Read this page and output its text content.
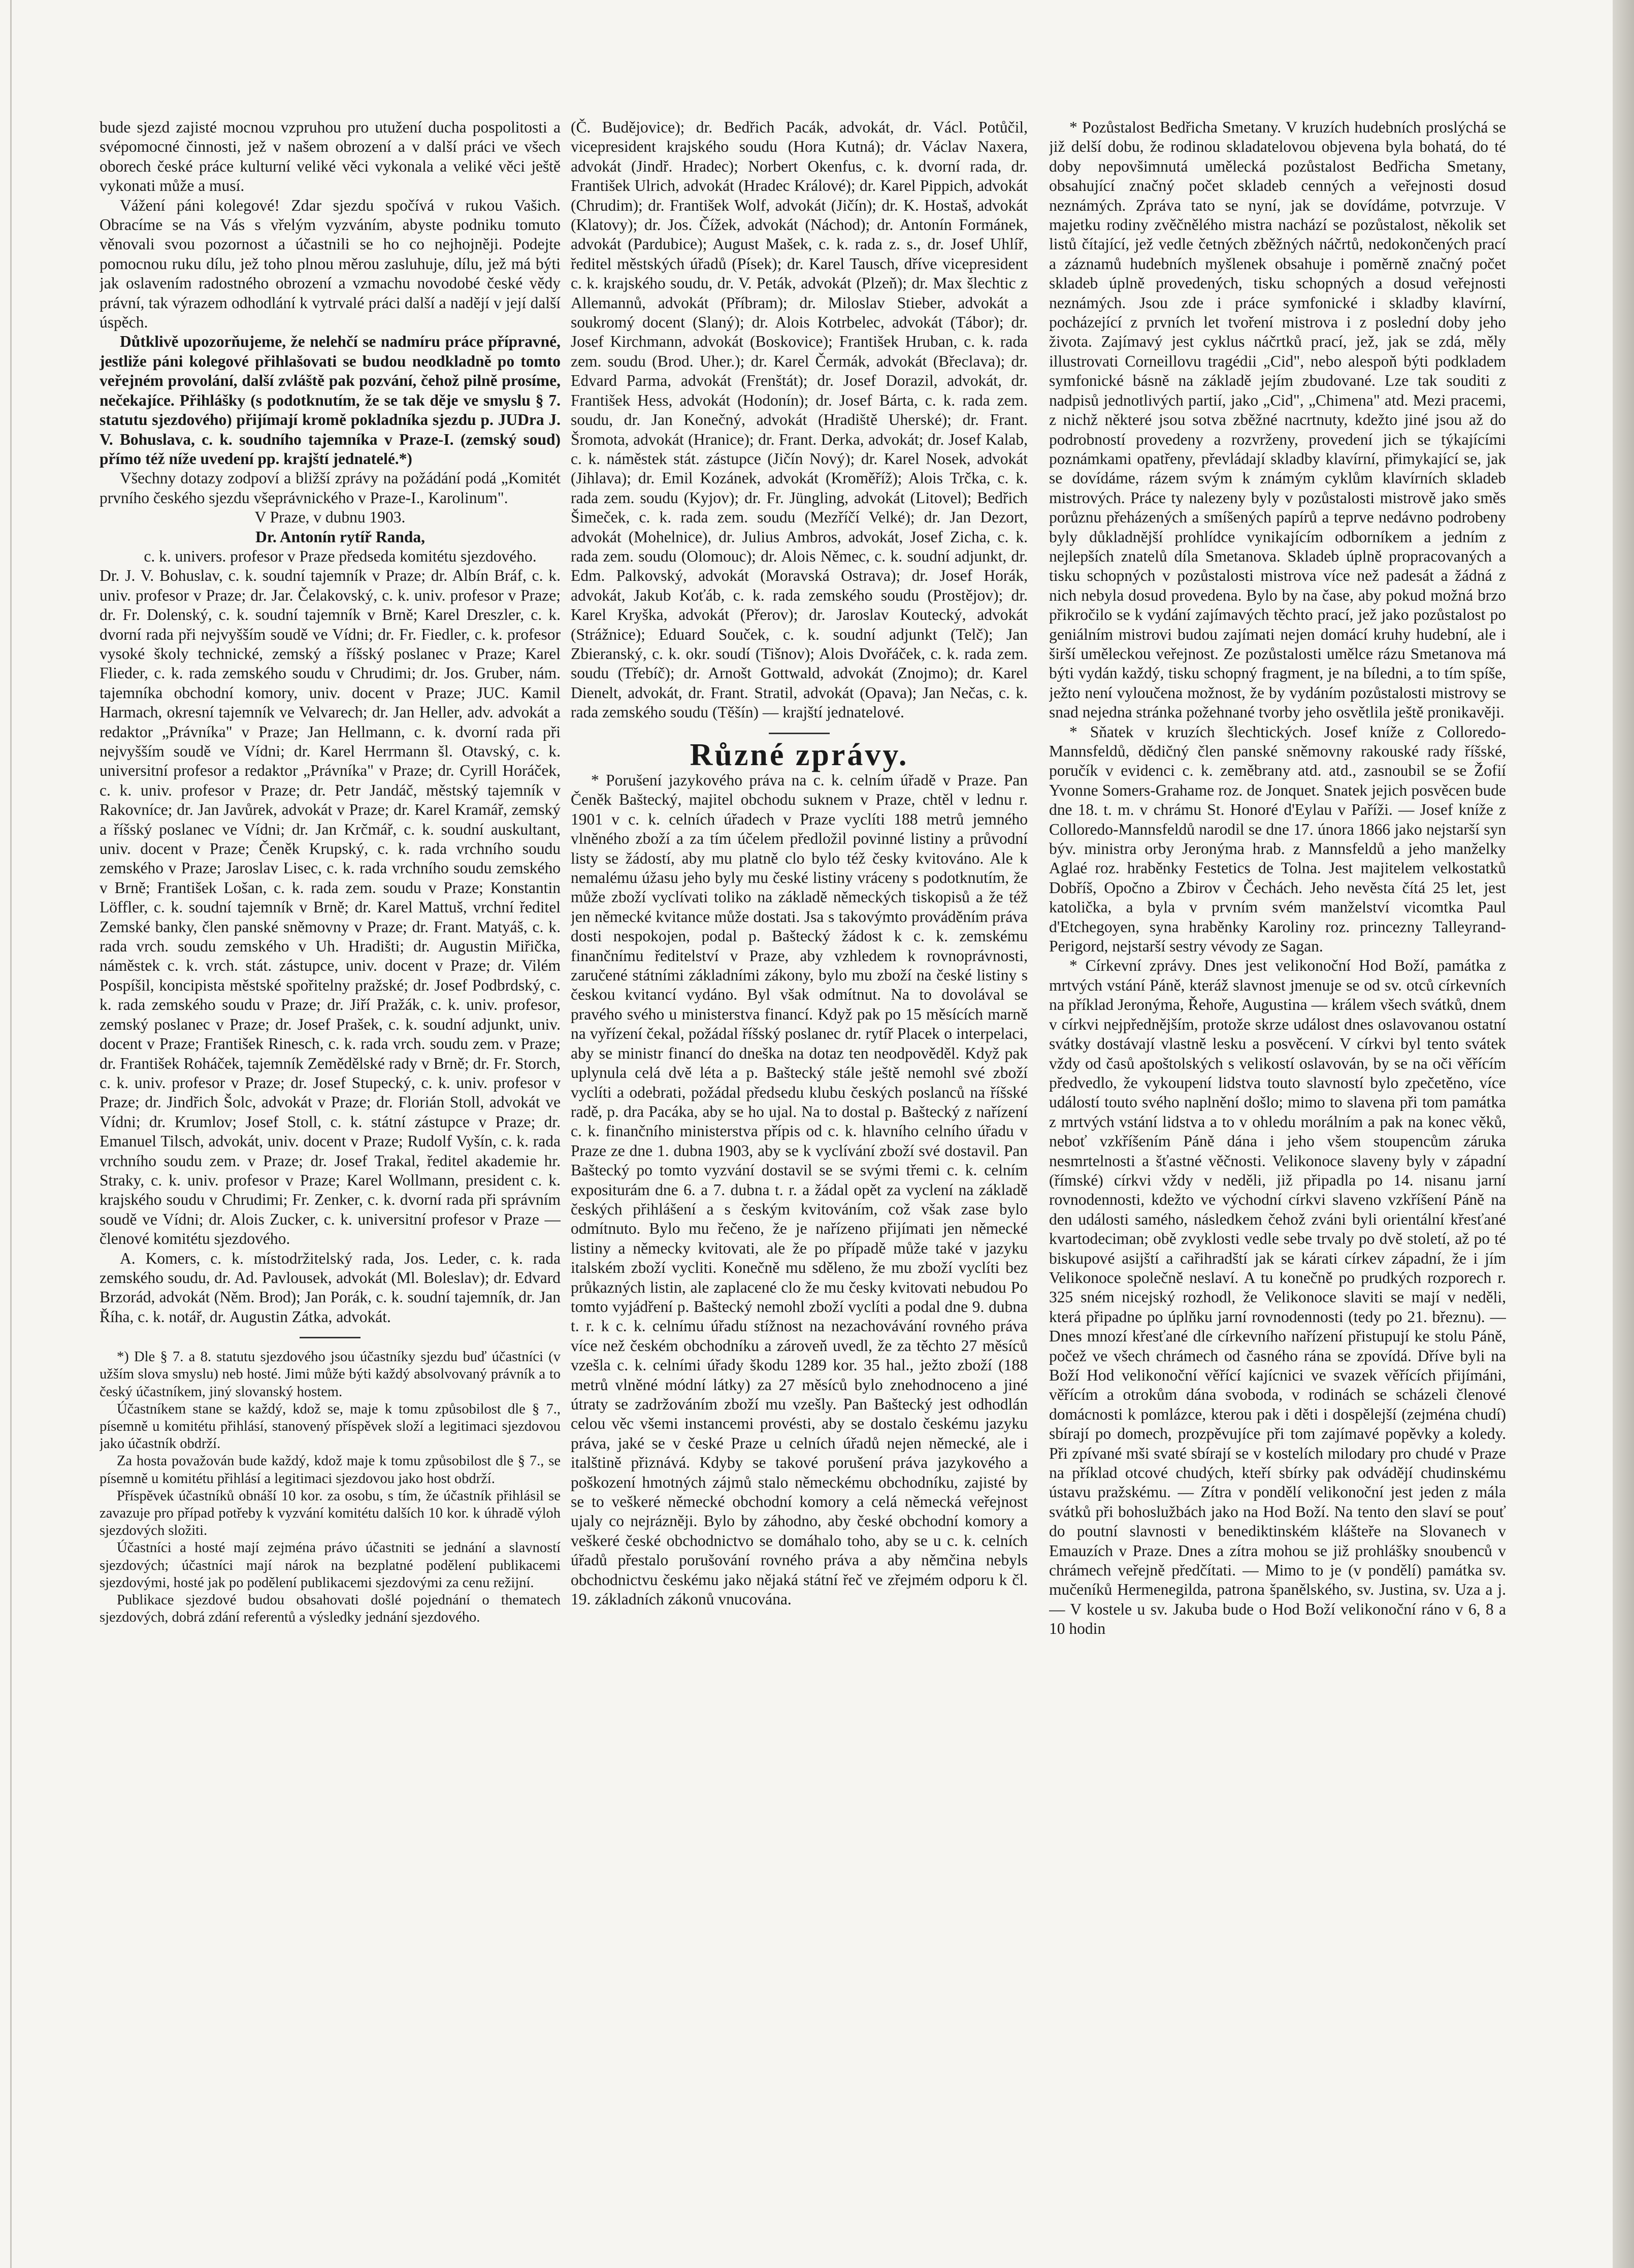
bude sjezd zajisté mocnou vzpruhou pro utužení ducha pospolitosti a svépomocné činnosti, jež v našem obrození a v další práci ve všech oborech české práce kulturní veliké věci vykonala a veliké věci ještě vykonati může a musí.

Vážení páni kolegové! Zdar sjezdu spočívá v rukou Vašich. Obracíme se na Vás s vřelým vyzváním, abyste podniku tomuto věnovali svou pozornost a účastnili se ho co nejhojněji. Podejte pomocnou ruku dílu, jež toho plnou měrou zasluhuje, dílu, jež má býti jak oslavením radostného obrození a vzmachu novodobé české vědy právní, tak výrazem odhodlání k vytrvalé práci další a nadějí v její další úspěch.

Důtklivě upozorňujeme, že nelehčí se nadmíru práce přípravné, jestliže páni kolegové přihlašovati se budou neodkladně po tomto veřejném provolání, další zvláště pak pozvání, čehož pilně prosíme, nečekajíce. Přihlášky (s podotknutím, že se tak děje ve smyslu § 7. statutu sjezdového) přijímají kromě pokladníka sjezdu p. JUDra J. V. Bohuslava, c. k. soudního tajemníka v Praze-I. (zemský soud) přímo též níže uvedení pp. krajští jednatelé.*)

Všechny dotazy zodpoví a bližší zprávy na požádání podá „Komitét prvního českého sjezdu všeprávnického v Praze-I., Karolinum".

V Praze, v dubnu 1903.

Dr. Antonín rytíř Randa,

c. k. univers. profesor v Praze předseda komitétu sjezdového.

Dr. J. V. Bohuslav, c. k. soudní tajemník v Praze; dr. Albín Bráf, c. k. univ. profesor v Praze; dr. Jar. Čelakovský, c. k. univ. profesor v Praze; dr. Fr. Dolenský, c. k. soudní tajemník v Brně; Karel Dreszler, c. k. dvorní rada při nejvyšším soudě ve Vídni; dr. Fr. Fiedler, c. k. profesor vysoké školy technické, zemský a říšský poslanec v Praze; Karel Flieder, c. k. rada zemského soudu v Chrudimi; dr. Jos. Gruber, nám. tajemníka obchodní komory, univ. docent v Praze; JUC. Kamil Harmach, okresní tajemník ve Velvarech; dr. Jan Heller, adv. advokát a redaktor „Právníka" v Praze; Jan Hellmann, c. k. dvorní rada při nejvyšším soudě ve Vídni; dr. Karel Herrmann šl. Otavský, c. k. universitní profesor a redaktor „Právníka" v Praze; dr. Cyrill Horáček, c. k. univ. profesor v Praze; dr. Petr Jandáč, městský tajemník v Rakovníce; dr. Jan Javůrek, advokát v Praze; dr. Karel Kramář, zemský a říšský poslanec ve Vídni; dr. Jan Krčmář, c. k. soudní auskultant, univ. docent v Praze; Čeněk Krupský, c. k. rada vrchního soudu zemského v Praze; Jaroslav Lisec, c. k. rada vrchního soudu zemského v Brně; František Lošan, c. k. rada zem. soudu v Praze; Konstantin Löffler, c. k. soudní tajemník v Brně; dr. Karel Mattuš, vrchní ředitel Zemské banky, člen panské sněmovny v Praze; dr. Frant. Matyáš, c. k. rada vrch. soudu zemského v Uh. Hradišti; dr. Augustin Miřička, náměstek c. k. vrch. stát. zástupce, univ. docent v Praze; dr. Vilém Pospíšil, koncipista městské spořitelny pražské; dr. Josef Podbrdský, c. k. rada zemského soudu v Praze; dr. Jiří Pražák, c. k. univ. profesor, zemský poslanec v Praze; dr. Josef Prašek, c. k. soudní adjunkt, univ. docent v Praze; František Rinesch, c. k. rada vrch. soudu zem. v Praze; dr. František Roháček, tajemník Zemědělské rady v Brně; dr. Fr. Storch, c. k. univ. profesor v Praze; dr. Josef Stupecký, c. k. univ. profesor v Praze; dr. Jindřich Šolc, advokát v Praze; dr. Florián Stoll, advokát ve Vídni; dr. Krumlov; Josef Stoll, c. k. státní zástupce v Praze; dr. Emanuel Tilsch, advokát, univ. docent v Praze; Rudolf Vyšín, c. k. rada vrchního soudu zem. v Praze; dr. Josef Trakal, ředitel akademie hr. Straky, c. k. univ. profesor v Praze; Karel Wollmann, president c. k. krajského soudu v Chrudimi; Fr. Zenker, c. k. dvorní rada při správním soudě ve Vídni; dr. Alois Zucker, c. k. universitní profesor v Praze — členové komitétu sjezdového.

A. Komers, c. k. místodržitelský rada, Jos. Leder, c. k. rada zemského soudu, dr. Ad. Pavlousek, advokát (Ml. Boleslav); dr. Edvard Brzorád, advokát (Něm. Brod); Jan Porák, c. k. soudní tajemník, dr. Jan Říha, c. k. notář, dr. Augustin Zátka, advokát.

*) Dle § 7. a 8. statutu sjezdového jsou účastníky sjezdu buď účastníci (v užším slova smyslu) neb hosté. Jimi může býti každý absolvovaný právník a to český účastníkem, jiný slovanský hostem.

Účastníkem stane se každý, kdož se, maje k tomu způsobilost dle § 7., písemně u komitétu přihlásí, stanovený příspěvek složí a legitimaci sjezdovou jako účastník obdrží.

Za hosta považován bude každý, kdož maje k tomu způsobilost dle § 7., se písemně u komitétu přihlásí a legitimaci sjezdovou jako host obdrží.

Příspěvek účastníků obnáší 10 kor. za osobu, s tím, že účastník přihlásil se zavazuje pro případ potřeby k vyzvání komitétu dalších 10 kor. k úhradě výloh sjezdových složiti.

Účastníci a hosté mají zejména právo účastniti se jednání a slavností sjezdových; účastníci mají nárok na bezplatné podělení publikacemi sjezdovými, hosté jak po podělení publikacemi sjezdovými za cenu režijní.

Publikace sjezdové budou obsahovati došlé pojednání o thematech sjezdových, dobrá zdání referentů a výsledky jednání sjezdového.

(Č. Budějovice); dr. Bedřich Pacák, advokát, dr. Václ. Potůčil, vicepresident krajského soudu (Hora Kutná); dr. Václav Naxera, advokát (Jindř. Hradec); Norbert Okenfus, c. k. dvorní rada, dr. František Ulrich, advokát (Hradec Králové); dr. Karel Pippich, advokát (Chrudim); dr. František Wolf, advokát (Jičín); dr. K. Hostaš, advokát (Klatovy); dr. Jos. Čížek, advokát (Náchod); dr. Antonín Formánek, advokát (Pardubice); August Mašek, c. k. rada z. s., dr. Josef Uhlíř, ředitel městských úřadů (Písek); dr. Karel Tausch, dříve vicepresident c. k. krajského soudu, dr. V. Peták, advokát (Plzeň); dr. Max šlechtic z Allemannů, advokát (Příbram); dr. Miloslav Stieber, advokát a soukromý docent (Slaný); dr. Alois Kotrbelec, advokát (Tábor); dr. Josef Kirchmann, advokát (Boskovice); František Hruban, c. k. rada zem. soudu (Brod. Uher.); dr. Karel Čermák, advokát (Břeclava); dr. Edvard Parma, advokát (Frenštát); dr. Josef Dorazil, advokát, dr. František Hess, advokát (Hodonín); dr. Josef Bárta, c. k. rada zem. soudu, dr. Jan Konečný, advokát (Hradiště Uherské); dr. Frant. Šromota, advokát (Hranice); dr. Frant. Derka, advokát; dr. Josef Kalab, c. k. náměstek stát. zástupce (Jičín Nový); dr. Karel Nosek, advokát (Jihlava); dr. Emil Kozánek, advokát (Kroměříž); Alois Trčka, c. k. rada zem. soudu (Kyjov); dr. Fr. Jüngling, advokát (Litovel); Bedřich Šimeček, c. k. rada zem. soudu (Mezříčí Velké); dr. Jan Dezort, advokát (Mohelnice), dr. Julius Ambros, advokát, Josef Zicha, c. k. rada zem. soudu (Olomouc); dr. Alois Němec, c. k. soudní adjunkt, dr. Edm. Palkovský, advokát (Moravská Ostrava); dr. Josef Horák, advokát, Jakub Koťáb, c. k. rada zemského soudu (Prostějov); dr. Karel Kryška, advokát (Přerov); dr. Jaroslav Koutecký, advokát (Strážnice); Eduard Souček, c. k. soudní adjunkt (Telč); Jan Zbieranský, c. k. okr. soudí (Tišnov); Alois Dvořáček, c. k. rada zem. soudu (Třebíč); dr. Arnošt Gottwald, advokát (Znojmo); dr. Karel Dienelt, advokát, dr. Frant. Stratil, advokát (Opava); Jan Nečas, c. k. rada zemského soudu (Těšín) — krajští jednatelové.

Různé zprávy.

* Porušení jazykového práva na c. k. celním úřadě v Praze. Pan Čeněk Baštecký, majitel obchodu suknem v Praze, chtěl v lednu r. 1901 v c. k. celních úřadech v Praze vyclíti 188 metrů jemného vlněného zboží a za tím účelem předložil povinné listiny a průvodní listy se žádostí, aby mu platně clo bylo též česky kvitováno. Ale k nemalému úžasu jeho byly mu české listiny vráceny s podotknutím, že může zboží vyclívati toliko na základě německých tiskopisů a že též jen německé kvitance může dostati. Jsa s takovýmto prováděním práva dosti nespokojen, podal p. Baštecký žádost k c. k. zemskému finančnímu ředitelství v Praze, aby vzhledem k rovnoprávnosti, zaručené státními základními zákony, bylo mu zboží na české listiny s českou kvitancí vydáno. Byl však odmítnut. Na to dovolával se pravého svého u ministerstva financí. Když pak po 15 měsících marně na vyřízení čekal, požádal říšský poslanec dr. rytíř Placek o interpelaci, aby se ministr financí do dneška na dotaz ten neodpověděl. Když pak uplynula celá dvě léta a p. Baštecký stále ještě nemohl své zboží vyclíti a odebrati, požádal předsedu klubu českých poslanců na říšské radě, p. dra Pacáka, aby se ho ujal. Na to dostal p. Baštecký z nařízení c. k. finančního ministerstva přípis od c. k. hlavního celního úřadu v Praze ze dne 1. dubna 1903, aby se k vyclívání zboží své dostavil. Pan Baštecký po tomto vyzvání dostavil se se svými třemi c. k. celním expositurám dne 6. a 7. dubna t. r. a žádal opět za vyclení na základě českých přihlášení a s českým kvitováním, což však zase bylo odmítnuto. Bylo mu řečeno, že je nařízeno přijímati jen německé listiny a německy kvitovati, ale že po případě může také v jazyku italském zboží vycliti. Konečně mu sděleno, že mu zboží vyclíti bez průkazných listin, ale zaplacené clo že mu česky kvitovati nebudou Po tomto vyjádření p. Baštecký nemohl zboží vyclíti a podal dne 9. dubna t. r. k c. k. celnímu úřadu stížnost na nezachovávání rovného práva více než českém obchodníku a zároveň uvedl, že za těchto 27 měsíců vzešla c. k. celními úřady škodu 1289 kor. 35 hal., ježto zboží (188 metrů vlněné módní látky) za 27 měsíců bylo znehodnoceno a jiné útraty se zadržováním zboží mu vzešly. Pan Baštecký jest odhodlán celou věc všemi instancemi provésti, aby se dostalo českému jazyku práva, jaké se v české Praze u celních úřadů nejen německé, ale i italštině přiznává. Kdyby se takové porušení práva jazykového a poškození hmotných zájmů stalo německému obchodníku, zajisté by se to veškeré německé obchodní komory a celá německá veřejnost ujaly co nejrázněji. Bylo by záhodno, aby české obchodní komory a veškeré české obchodnictvo se domáhalo toho, aby se u c. k. celních úřadů přestalo porušování rovného práva a aby němčina nebyls obchodnictvu českému jako nějaká státní řeč ve zřejmém odporu k čl. 19. základních zákonů vnucována.

* Pozůstalost Bedřicha Smetany. V kruzích hudebních proslýchá se již delší dobu, že rodinou skladatelovou objevena byla bohatá, do té doby nepovšimnutá umělecká pozůstalost Bedřicha Smetany, obsahující značný počet skladeb cenných a veřejnosti dosud neznámých. Zpráva tato se nyní, jak se dovídáme, potvrzuje. V majetku rodiny zvěčnělého mistra nachází se pozůstalost, několik set listů čítající, jež vedle četných zběžných náčrtů, nedokončených prací a záznamů hudebních myšlenek obsahuje i poměrně značný počet skladeb úplně provedených, tisku schopných a dosud veřejnosti neznámých. Jsou zde i práce symfonické i skladby klavírní, pocházející z prvních let tvoření mistrova i z poslední doby jeho života. Zajímavý jest cyklus náčrtků prací, jež, jak se zdá, měly illustrovati Corneillovu tragédii „Cid", nebo alespoň býti podkladem symfonické básně na základě jejím zbudované. Lze tak souditi z nadpisů jednotlivých partií, jako „Cid", „Chimena" atd. Mezi pracemi, z nichž některé jsou sotva zběžné nacrtnuty, kdežto jiné jsou až do podrobností provedeny a rozvrženy, provedení jich se týkajícími poznámkami opatřeny, převládají skladby klavírní, přimykající se, jak se dovídáme, rázem svým k známým cyklům klavírních skladeb mistrových. Práce ty nalezeny byly v pozůstalosti mistrově jako směs porůznu přeházených a smíšených papírů a teprve nedávno podrobeny byly důkladnější prohlídce vynikajícím odborníkem a jedním z nejlepších znatelů díla Smetanova. Skladeb úplně propracovaných a tisku schopných v pozůstalosti mistrova více než padesát a žádná z nich nebyla dosud provedena. Bylo by na čase, aby pokud možná brzo přikročilo se k vydání zajímavých těchto prací, jež jako pozůstalost po geniálním mistrovi budou zajímati nejen domácí kruhy hudební, ale i širší uměleckou veřejnost. Ze pozůstalosti umělce rázu Smetanova má býti vydán každý, tisku schopný fragment, je na bíledni, a to tím spíše, ježto není vyloučena možnost, že by vydáním pozůstalosti mistrovy se snad nejedna stránka požehnané tvorby jeho osvětlila ještě pronikavěji.

* Sňatek v kruzích šlechtických. Josef kníže z Colloredo-Mannsfeldů, dědičný člen panské sněmovny rakouské rady říšské, poručík v evidenci c. k. zeměbrany atd. atd., zasnoubil se se Žofií Yvonne Somers-Grahame roz. de Jonquet. Snatek jejich posvěcen bude dne 18. t. m. v chrámu St. Honoré d'Eylau v Paříži. — Josef kníže z Colloredo-Mannsfeldů narodil se dne 17. února 1866 jako nejstarší syn býv. ministra orby Jeronýma hrab. z Mannsfeldů a jeho manželky Aglaé roz. hraběnky Festetics de Tolna. Jest majitelem velkostatků Dobříš, Opočno a Zbirov v Čechách. Jeho nevěsta čítá 25 let, jest katolička, a byla v prvním svém manželství vicomtka Paul d'Etchegoyen, syna hraběnky Karoliny roz. princezny Talleyrand-Perigord, nejstarší sestry vévody ze Sagan.

* Církevní zprávy. Dnes jest velikonoční Hod Boží, památka z mrtvých vstání Páně, kteráž slavnost jmenuje se od sv. otců církevních na příklad Jeronýma, Řehoře, Augustina — králem všech svátků, dnem v církvi nejpřednějším, protože skrze událost dnes oslavovanou ostatní svátky dostávají vlastně lesku a posvěcení. V církvi byl tento svátek vždy od časů apoštolských s velikostí oslavován, by se na oči věřícím předvedlo, že vykoupení lidstva touto slavností bylo zpečetěno, více událostí touto svého naplnění došlo; mimo to slavena při tom památka z mrtvých vstání lidstva a to v ohledu morálním a pak na konec věků, neboť vzkříšením Páně dána i jeho všem stoupencům záruka nesmrtelnosti a šťastné věčnosti. Velikonoce slaveny byly v západní (římské) církvi vždy v neděli, již připadla po 14. nisanu jarní rovnodennosti, kdežto ve východní církvi slaveno vzkříšení Páně na den události samého, následkem čehož zváni byli orientální křesťané kvartodeciman; obě zvyklosti vedle sebe trvaly po dvě století, až po té biskupové asijští a cařihradští jak se kárati církev západní, že i jím Velikonoce společně neslaví. A tu konečně po prudkých rozporech r. 325 sném nicejský rozhodl, že Velikonoce slaviti se mají v neděli, která připadne po úplňku jarní rovnodennosti (tedy po 21. březnu). — Dnes mnozí křesťané dle církevního nařízení přistupují ke stolu Páně, počež ve všech chrámech od časného rána se zpovídá. Dříve byli na Boží Hod velikonoční věřící kajícnici ve svazek věřících přijímáni, věřícím a otrokům dána svoboda, v rodinách se scházeli členové domácnosti k pomlázce, kterou pak i děti i dospělejší (zejména chudí) sbírají po domech, prozpěvujíce při tom zajímavé popěvky a koledy. Při zpívané mši svaté sbírají se v kostelích milodary pro chudé v Praze na příklad otcové chudých, kteří sbírky pak odvádějí chudinskému ústavu pražskému. — Zítra v pondělí velikonoční jest jeden z mála svátků při bohoslužbách jako na Hod Boží. Na tento den slaví se pouť do poutní slavnosti v benediktinském klášteře na Slovanech v Emauzích v Praze. Dnes a zítra mohou se již prohlášky snoubenců v chrámech veřejně předčítati. — Mimo to je (v pondělí) památka sv. mučeníků Hermenegilda, patrona španělského, sv. Justina, sv. Uza a j. — V kostele u sv. Jakuba bude o Hod Boží velikonoční ráno v 6, 8 a 10 hodin
